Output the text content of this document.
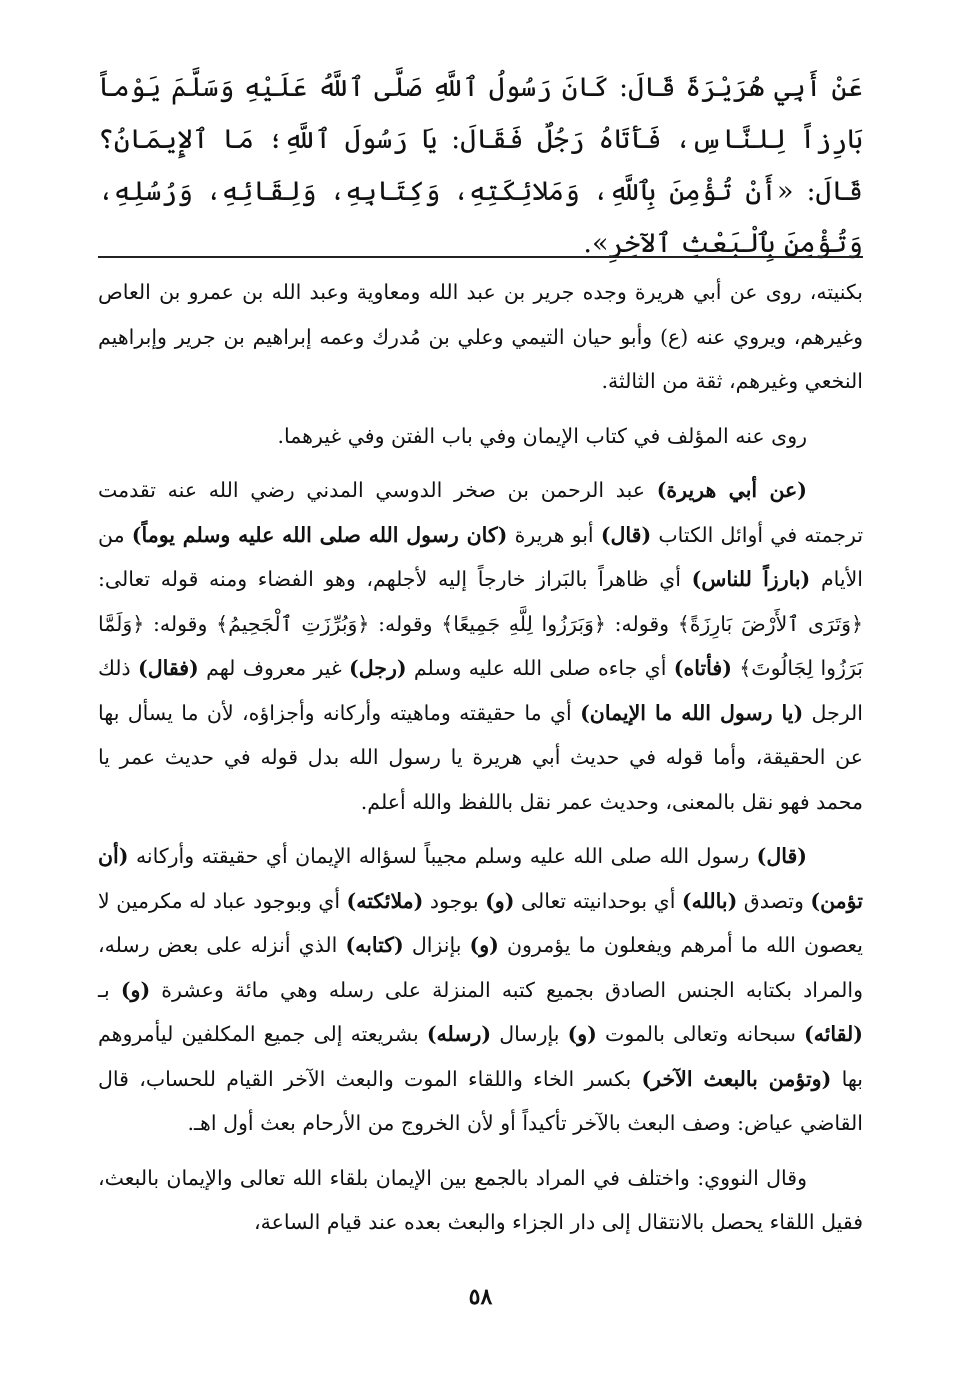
عَنْ أَبِي هُرَيْرَةَ قَالَ: كَانَ رَسُولُ ٱللَّهِ صَلَّى ٱللَّهُ عَلَيْهِ وَسَلَّمَ يَوْماً بَارِزاً لِلنَّاسِ، فَأَتَاهُ رَجُلٌ فَقَالَ: يَا رَسُولَ ٱللَّهِ؛ مَا ٱلإِيمَانُ؟ قَالَ: «أَنْ تُؤْمِنَ بِٱللَّهِ، وَمَلائِكَتِهِ، وَكِتَابِهِ، وَلِقَائِهِ، وَرُسُلِهِ، وَتُؤْمِنَ بِٱلْبَعْثِ ٱلآخِرِ».

بكنيته، روى عن أبي هريرة وجده جرير بن عبد الله ومعاوية وعبد الله بن عمرو بن العاص وغيرهم، ويروي عنه (ع) وأبو حيان التيمي وعلي بن مُدرك وعمه إبراهيم بن جرير وإبراهيم النخعي وغيرهم، ثقة من الثالثة.

روى عنه المؤلف في كتاب الإيمان وفي باب الفتن وفي غيرهما.

(عن أبي هريرة) عبد الرحمن بن صخر الدوسي المدني رضي الله عنه تقدمت ترجمته في أوائل الكتاب (قال) أبو هريرة (كان رسول الله صلى الله عليه وسلم يوماً) من الأيام (بارزاً للناس) أي ظاهراً بالبَراز خارجاً إليه لأجلهم، وهو الفضاء ومنه قوله تعالى: ﴿وَتَرَى ٱلأَرْضَ بَارِزَةً﴾ وقوله: ﴿وَبَرَزُوا لِلَّهِ جَمِيعًا﴾ وقوله: ﴿وَبُرِّزَتِ ٱلْجَحِيمُ﴾ وقوله: ﴿وَلَمَّا بَرَزُوا لِجَالُوتَ﴾ (فأتاه) أي جاءه صلى الله عليه وسلم (رجل) غير معروف لهم (فقال) ذلك الرجل (يا رسول الله ما الإيمان) أي ما حقيقته وماهيته وأركانه وأجزاؤه، لأن ما يسأل بها عن الحقيقة، وأما قوله في حديث أبي هريرة يا رسول الله بدل قوله في حديث عمر يا محمد فهو نقل بالمعنى، وحديث عمر نقل باللفظ والله أعلم.

(قال) رسول الله صلى الله عليه وسلم مجيباً لسؤاله الإيمان أي حقيقته وأركانه (أن تؤمن) وتصدق (بالله) أي بوحدانيته تعالى (و) بوجود (ملائكته) أي وبوجود عباد له مكرمين لا يعصون الله ما أمرهم ويفعلون ما يؤمرون (و) بإنزال (كتابه) الذي أنزله على بعض رسله، والمراد بكتابه الجنس الصادق بجميع كتبه المنزلة على رسله وهي مائة وعشرة (و) بـ (لقائه) سبحانه وتعالى بالموت (و) بإرسال (رسله) بشريعته إلى جميع المكلفين ليأمروهم بها (وتؤمن بالبعث الآخر) بكسر الخاء واللقاء الموت والبعث الآخر القيام للحساب، قال القاضي عياض: وصف البعث بالآخر تأكيداً أو لأن الخروج من الأرحام بعث أول اهـ.

وقال النووي: واختلف في المراد بالجمع بين الإيمان بلقاء الله تعالى والإيمان بالبعث، فقيل اللقاء يحصل بالانتقال إلى دار الجزاء والبعث بعده عند قيام الساعة،

٥٨
